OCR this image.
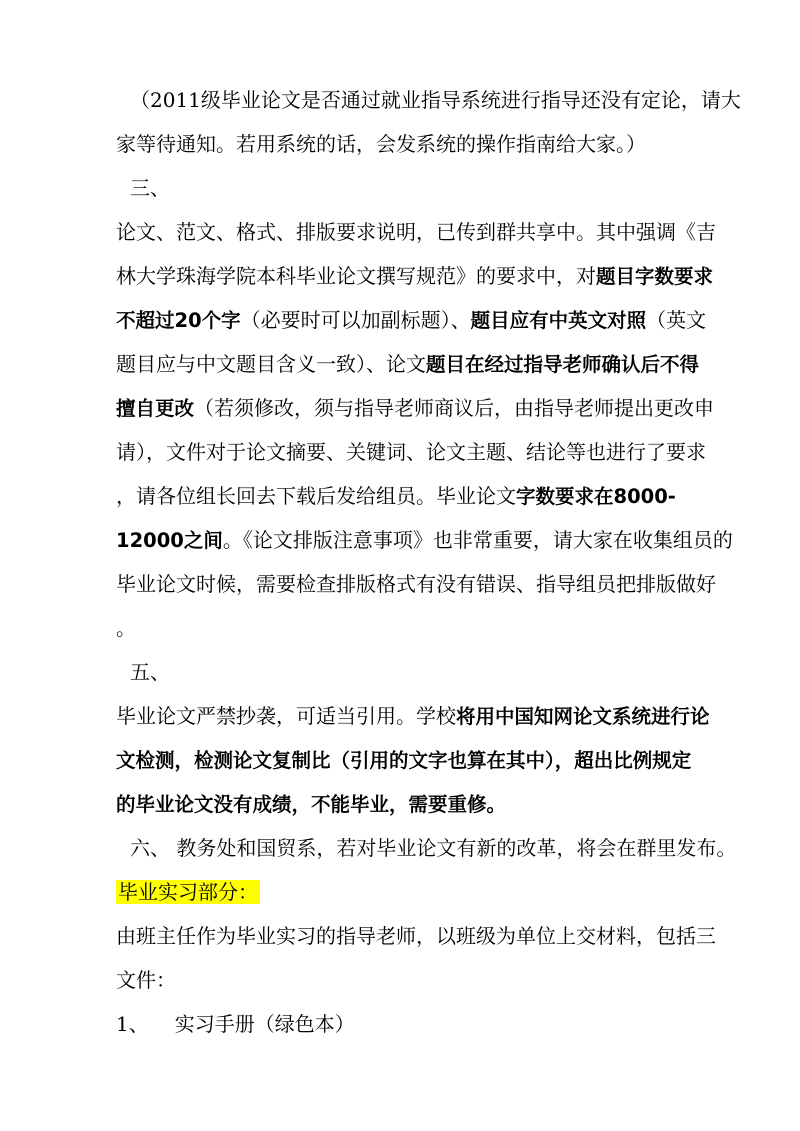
（2011级毕业论文是否通过就业指导系统进行指导还没有定论，请大
家等待通知。若用系统的话，会发系统的操作指南给大家。）
三、
论文、范文、格式、排版要求说明，已传到群共享中。其中强调《吉
林大学珠海学院本科毕业论文撰写规范》的要求中，对题目字数要求
不超过20个字（必要时可以加副标题）、题目应有中英文对照（英文
题目应与中文题目含义一致）、论文题目在经过指导老师确认后不得
擅自更改（若须修改，须与指导老师商议后，由指导老师提出更改申
请），文件对于论文摘要、关键词、论文主题、结论等也进行了要求
，请各位组长回去下载后发给组员。毕业论文字数要求在8000-
12000之间。《论文排版注意事项》也非常重要，请大家在收集组员的
毕业论文时候，需要检查排版格式有没有错误、指导组员把排版做好
。
五、
毕业论文严禁抄袭，可适当引用。学校将用中国知网论文系统进行论
文检测，检测论文复制比（引用的文字也算在其中），超出比例规定
的毕业论文没有成绩，不能毕业，需要重修。
六、 教务处和国贸系，若对毕业论文有新的改革，将会在群里发布。
毕业实习部分：
由班主任作为毕业实习的指导老师，以班级为单位上交材料，包括三
文件：
1、 实习手册（绿色本）
